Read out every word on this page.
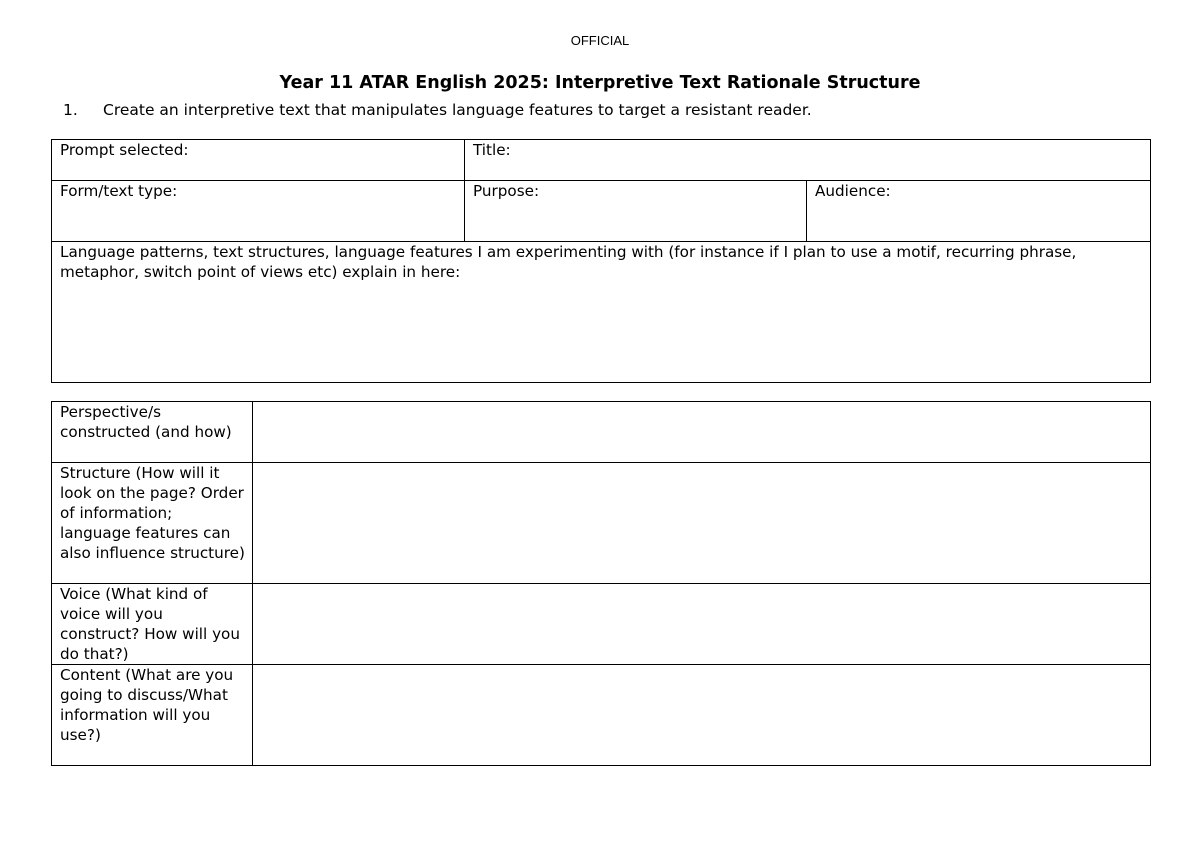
OFFICIAL
Year 11 ATAR English 2025: Interpretive Text Rationale Structure
1. Create an interpretive text that manipulates language features to target a resistant reader.
Prompt selected:	Title:	
Form/text type:	Purpose:	Audience:
Language patterns, text structures, language features I am experimenting with (for instance if I plan to use a motif, recurring phrase, metaphor, switch point of views etc) explain in here:		
Perspective/s constructed (and how)	
Structure (How will it look on the page? Order of information; language features can also influence structure)	
Voice (What kind of voice will you construct? How will you do that?)	
Content (What are you going to discuss/What information will you use?)	
